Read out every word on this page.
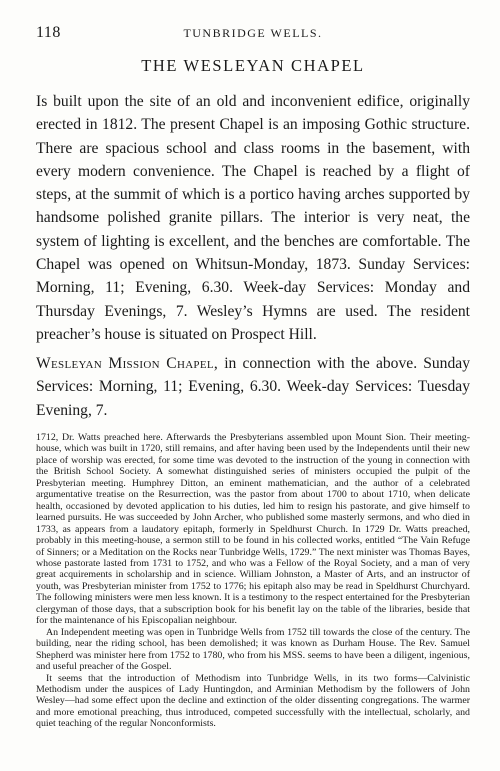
118	TUNBRIDGE WELLS.
THE WESLEYAN CHAPEL

Is built upon the site of an old and inconvenient edifice, originally erected in 1812. The present Chapel is an imposing Gothic structure. There are spacious school and class rooms in the basement, with every modern convenience. The Chapel is reached by a flight of steps, at the summit of which is a portico having arches supported by handsome polished granite pillars. The interior is very neat, the system of lighting is excellent, and the benches are comfortable. The Chapel was opened on Whitsun-Monday, 1873. Sunday Services: Morning, 11; Evening, 6.30. Week-day Services: Monday and Thursday Evenings, 7. Wesley’s Hymns are used. The resident preacher’s house is situated on Prospect Hill.

Wesleyan Mission Chapel, in connection with the above. Sunday Services: Morning, 11; Evening, 6.30. Week-day Services: Tuesday Evening, 7.

1712, Dr. Watts preached here. Afterwards the Presbyterians assembled upon Mount Sion. Their meeting-house, which was built in 1720, still remains, and after having been used by the Independents until their new place of worship was erected, for some time was devoted to the instruction of the young in connection with the British School Society. A somewhat distinguished series of ministers occupied the pulpit of the Presbyterian meeting. Humphrey Ditton, an eminent mathematician, and the author of a celebrated argumentative treatise on the Resurrection, was the pastor from about 1700 to about 1710, when delicate health, occasioned by devoted application to his duties, led him to resign his pastorate, and give himself to learned pursuits. He was succeeded by John Archer, who published some masterly sermons, and who died in 1733, as appears from a laudatory epitaph, formerly in Speldhurst Church. In 1729 Dr. Watts preached, probably in this meeting-house, a sermon still to be found in his collected works, entitled “The Vain Refuge of Sinners; or a Meditation on the Rocks near Tunbridge Wells, 1729.” The next minister was Thomas Bayes, whose pastorate lasted from 1731 to 1752, and who was a Fellow of the Royal Society, and a man of very great acquirements in scholarship and in science. William Johnston, a Master of Arts, and an instructor of youth, was Presbyterian minister from 1752 to 1776; his epitaph also may be read in Speldhurst Churchyard. The following ministers were men less known. It is a testimony to the respect entertained for the Presbyterian clergyman of those days, that a subscription book for his benefit lay on the table of the libraries, beside that for the maintenance of his Episcopalian neighbour.

An Independent meeting was open in Tunbridge Wells from 1752 till towards the close of the century. The building, near the riding school, has been demolished; it was known as Durham House. The Rev. Samuel Shepherd was minister here from 1752 to 1780, who from his MSS. seems to have been a diligent, ingenious, and useful preacher of the Gospel.

It seems that the introduction of Methodism into Tunbridge Wells, in its two forms—Calvinistic Methodism under the auspices of Lady Huntingdon, and Arminian Methodism by the followers of John Wesley—had some effect upon the decline and extinction of the older dissenting congregations. The warmer and more emotional preaching, thus introduced, competed successfully with the intellectual, scholarly, and quiet teaching of the regular Nonconformists.
